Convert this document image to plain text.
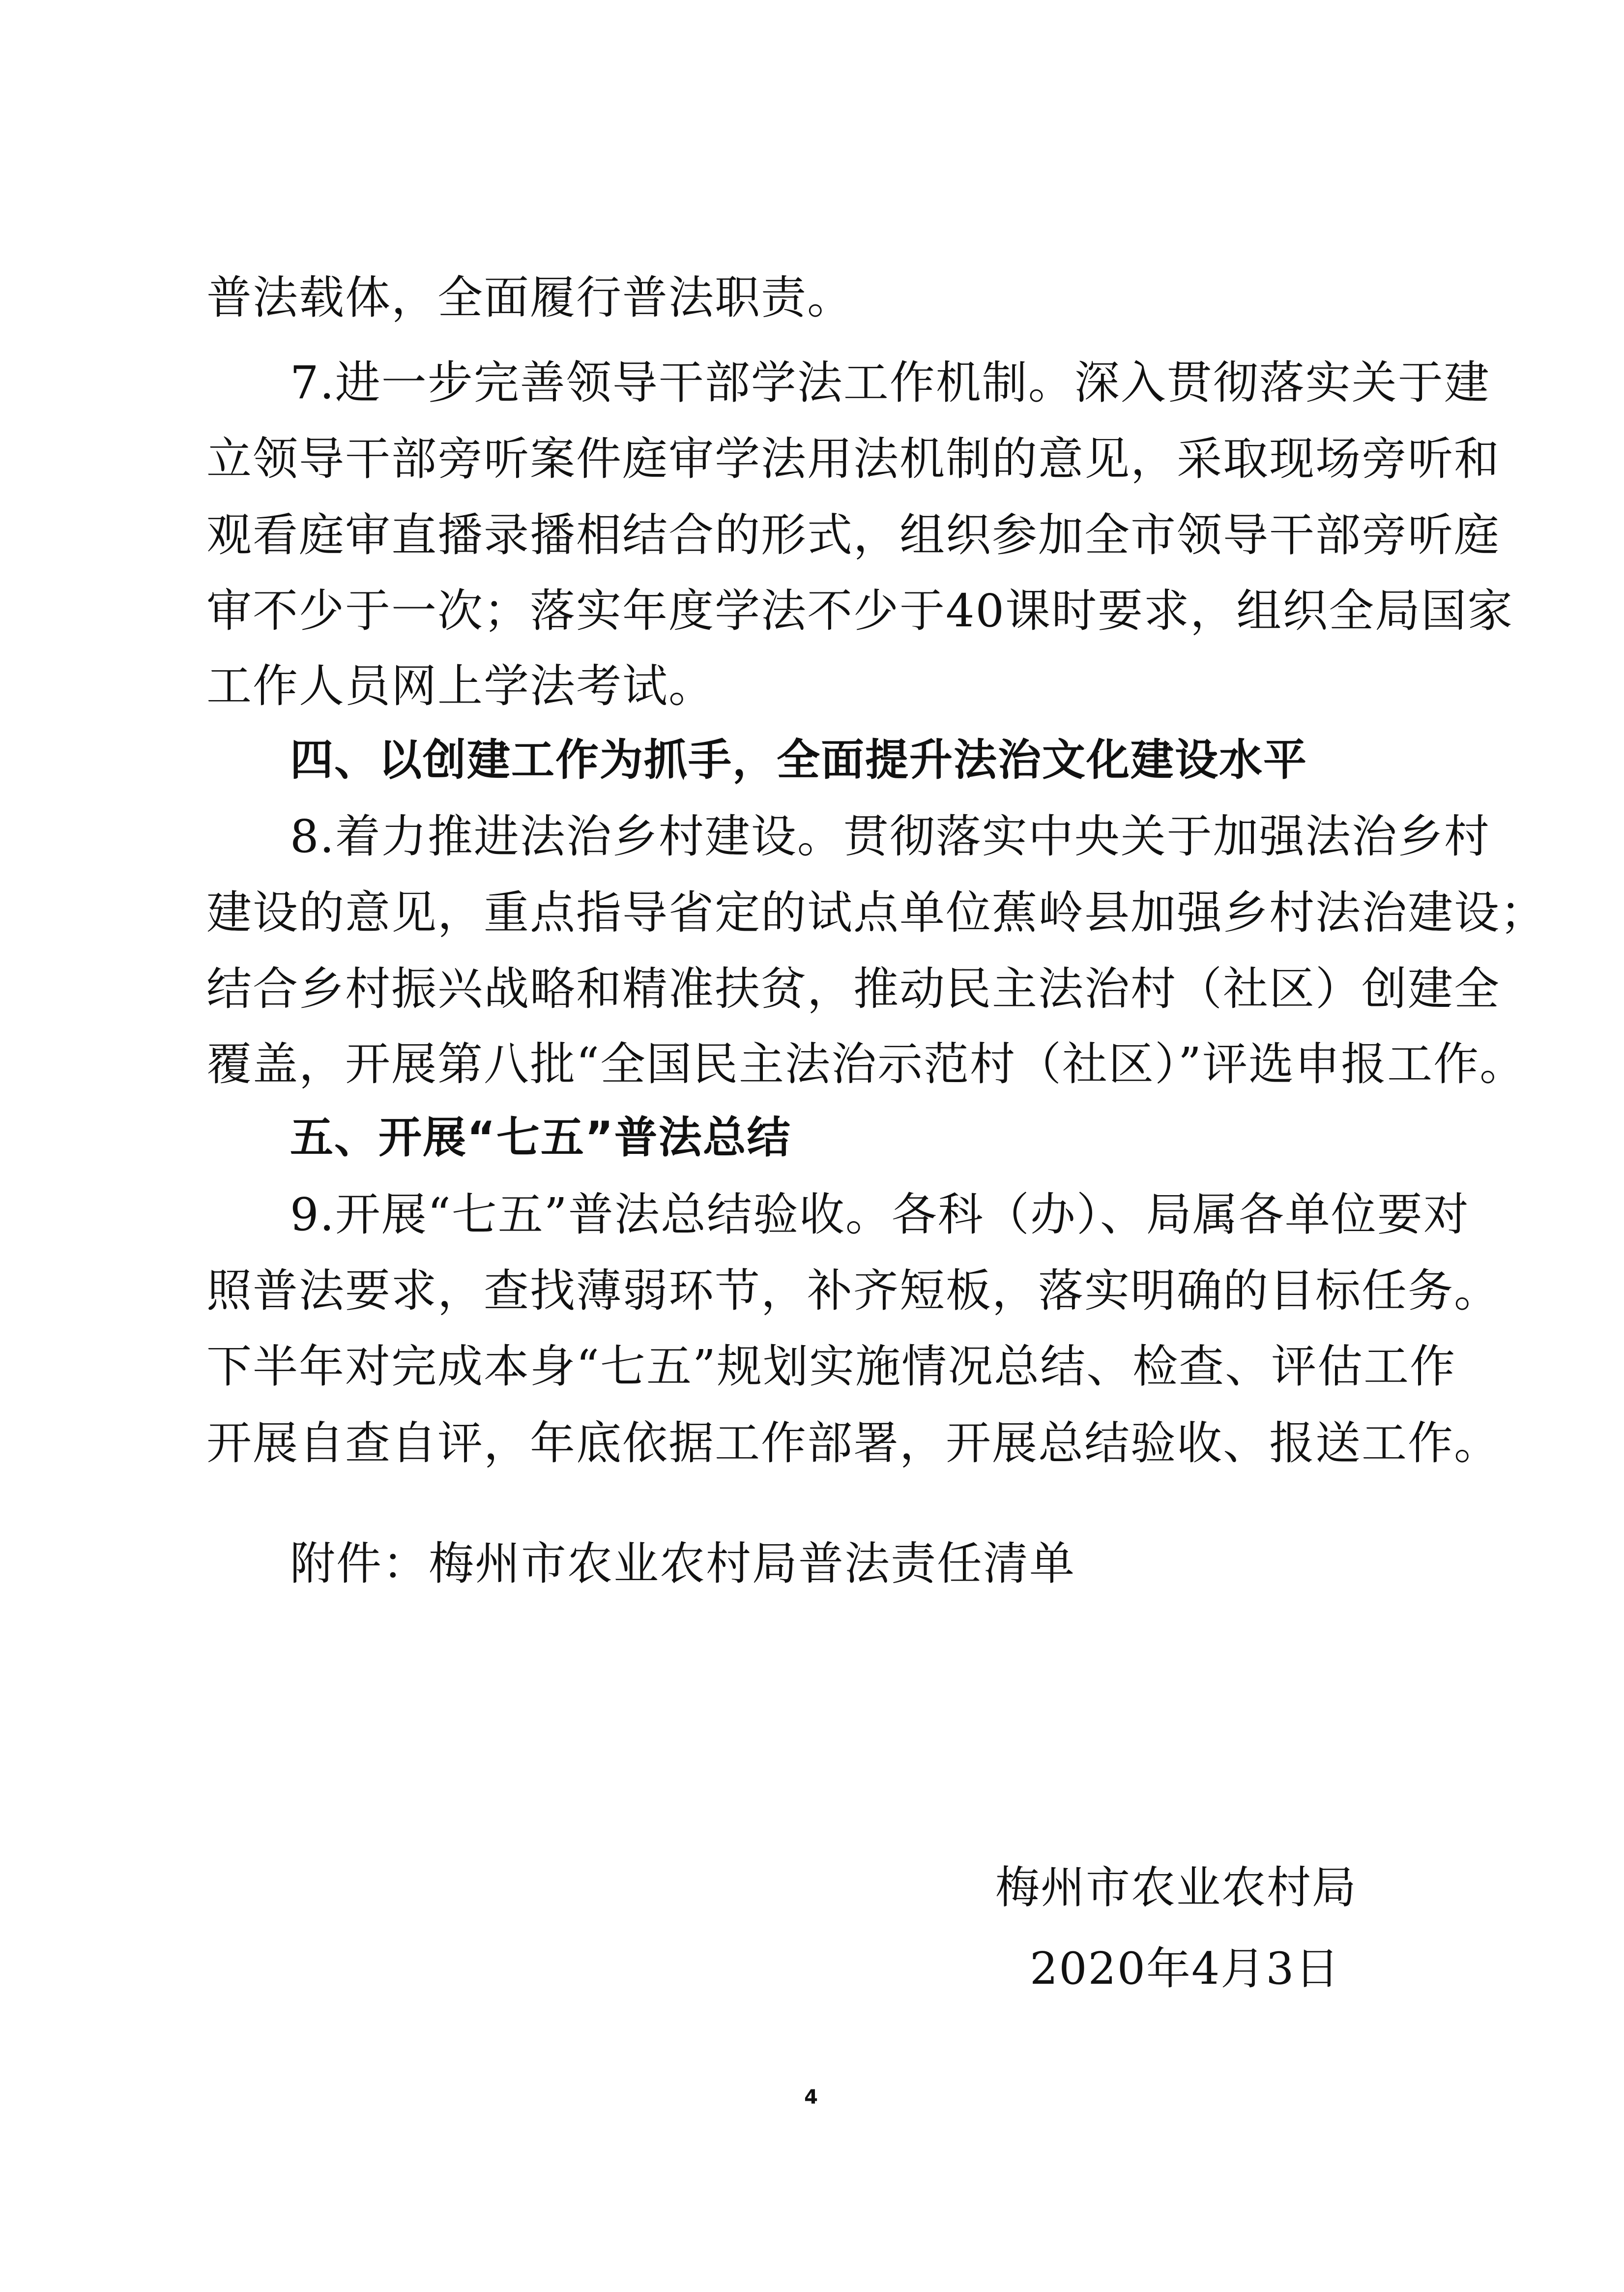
普法载体，全面履行普法职责。
7.进一步完善领导干部学法工作机制。深入贯彻落实关于建
立领导干部旁听案件庭审学法用法机制的意见，采取现场旁听和
观看庭审直播录播相结合的形式，组织参加全市领导干部旁听庭
审不少于一次；落实年度学法不少于40课时要求，组织全局国家
工作人员网上学法考试。
四、以创建工作为抓手，全面提升法治文化建设水平
8.着力推进法治乡村建设。贯彻落实中央关于加强法治乡村
建设的意见，重点指导省定的试点单位蕉岭县加强乡村法治建设；
结合乡村振兴战略和精准扶贫，推动民主法治村（社区）创建全
覆盖，开展第八批“全国民主法治示范村（社区）”评选申报工作。
五、开展“七五”普法总结
9.开展“七五”普法总结验收。各科（办）、局属各单位要对
照普法要求，查找薄弱环节，补齐短板，落实明确的目标任务。
下半年对完成本身“七五”规划实施情况总结、检查、评估工作
开展自查自评，年底依据工作部署，开展总结验收、报送工作。
附件：梅州市农业农村局普法责任清单
梅州市农业农村局
2020年4月3日
4
